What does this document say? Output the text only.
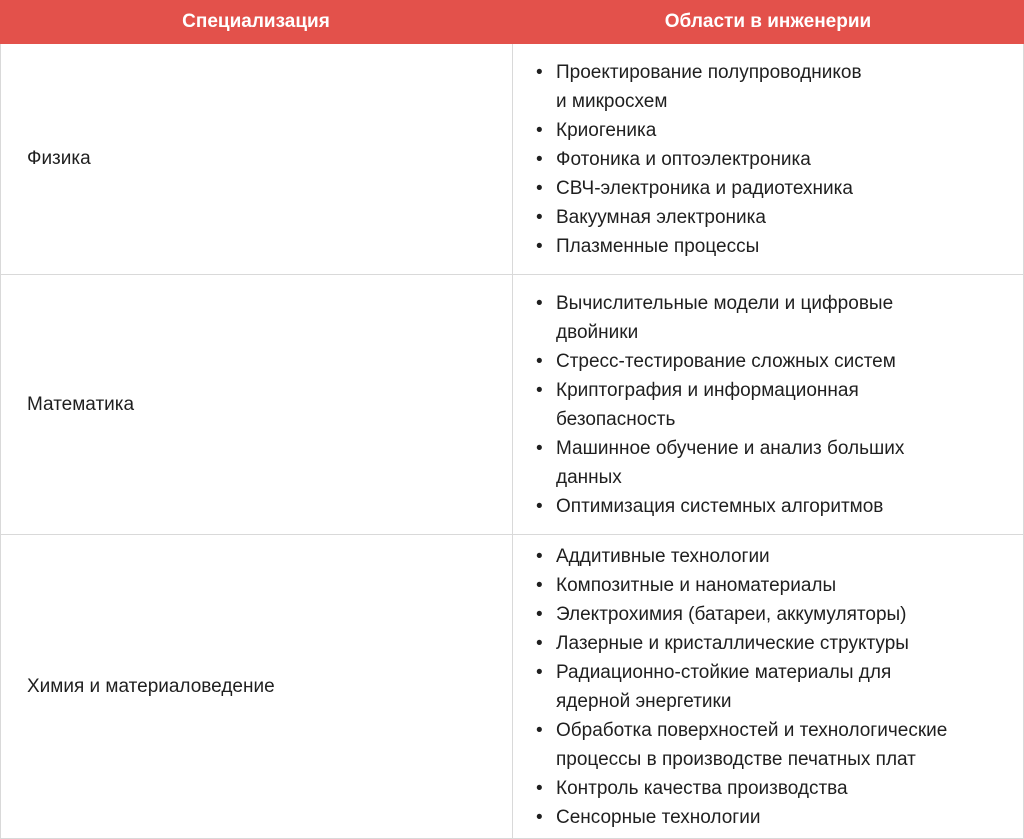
Специализация	Области в инженерии
Физика
• Проектирование полупроводников
и микросхем
• Криогеника
• Фотоника и оптоэлектроника
• СВЧ-электроника и радиотехника
• Вакуумная электроника
• Плазменные процессы
Математика
• Вычислительные модели и цифровые
двойники
• Стресс-тестирование сложных систем
• Криптография и информационная
безопасность
• Машинное обучение и анализ больших
данных
• Оптимизация системных алгоритмов
Химия и материаловедение
• Аддитивные технологии
• Композитные и наноматериалы
• Электрохимия (батареи, аккумуляторы)
• Лазерные и кристаллические структуры
• Радиационно-стойкие материалы для
ядерной энергетики
• Обработка поверхностей и технологические
процессы в производстве печатных плат
• Контроль качества производства
• Сенсорные технологии
